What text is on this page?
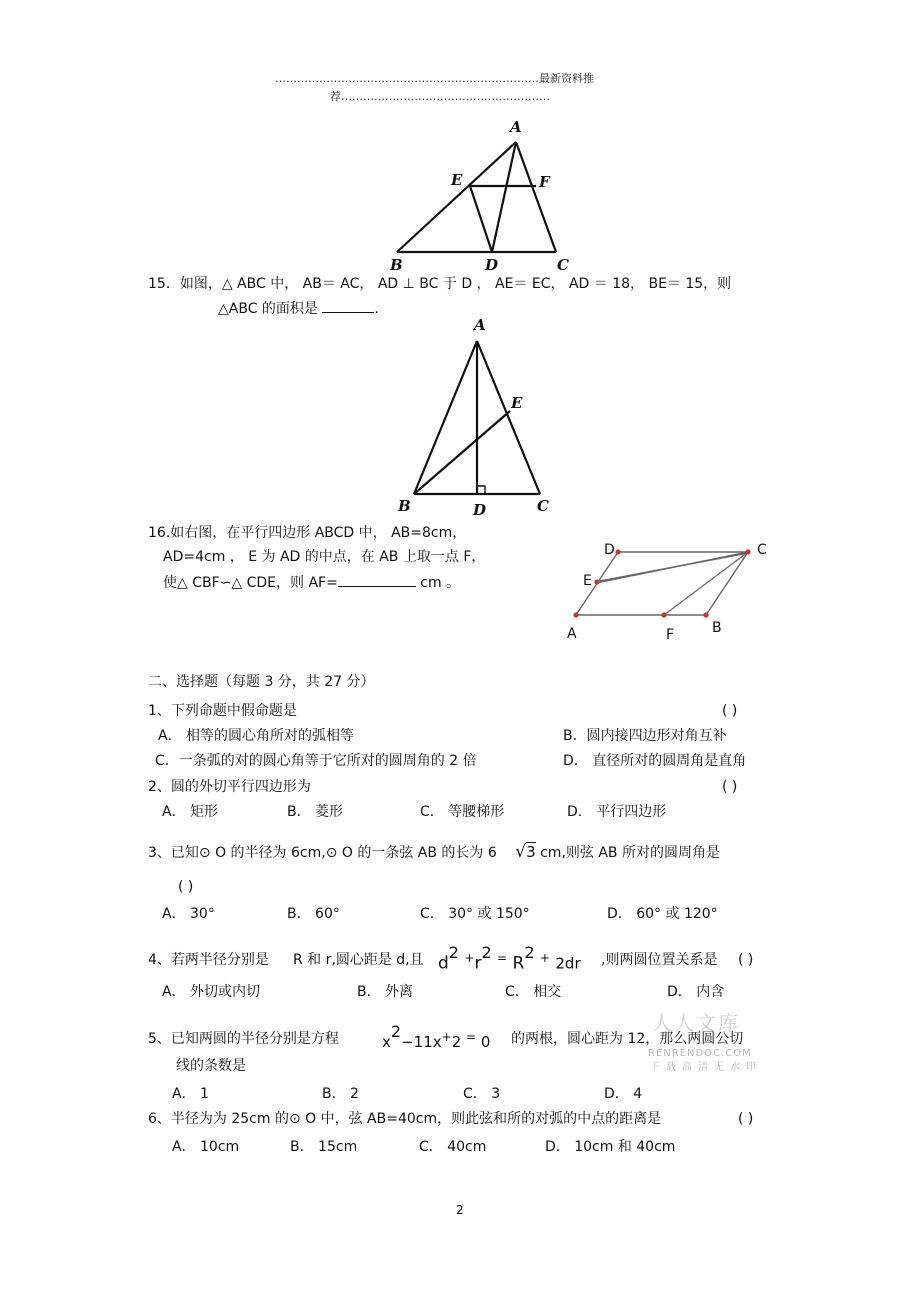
………………………………………………………………最新资料推
荐…………………………………………………
A
E	F
B	D	C
15．如图，△ ABC 中， AB＝ AC， AD ⊥ BC 于 D ， AE＝ EC， AD ＝ 18， BE＝ 15，则
△ABC 的面积是	.
A
E
B	D	C
16.如右图，在平行四边形 ABCD 中， AB=8cm，
AD=4cm ， E 为 AD 的中点，在 AB 上取一点 F，
使△ CBF∽△ CDE，则 AF=	cm 。
D	C
E
A	F	B
二、选择题（每题 3 分，共 27 分）
1、下列命题中假命题是	( )
A． 相等的圆心角所对的弧相等	B．圆内接四边形对角互补
C．一条弧的对的圆心角等于它所对的圆周角的 2 倍	D． 直径所对的圆周角是直角
2、圆的外切平行四边形为	( )
A． 矩形	B． 菱形	C． 等腰梯形	D． 平行四边形
3、已知⊙ O 的半径为 6cm,⊙ O 的一条弦 AB 的长为 6 √3 cm,则弦 AB 所对的圆周角是
( )
A． 30°	B． 60°	C． 30° 或 150°	D． 60° 或 120°
4、若两半径分别是 R 和 r,圆心距是 d,且 $d^2$ $^+r^2$ = $R^2$ + 2dr ,则两圆位置关系是 ( )
A． 外切或内切	B． 外离	C． 相交	D． 内含
5、已知两圆的半径分别是方程	$x^2-11x^+2$ = 0 的两根，圆心距为 12，那么两圆公切
线的条数是
A． 1	B． 2	C． 3	D． 4
人人文库
RENRENDOC.COM
下载高清无水印
6、半径为为 25cm 的⊙ O 中，弦 AB=40cm，则此弦和所的对弧的中点的距离是	( )
A． 10cm	B． 15cm	C． 40cm	D． 10cm 和 40cm
2
